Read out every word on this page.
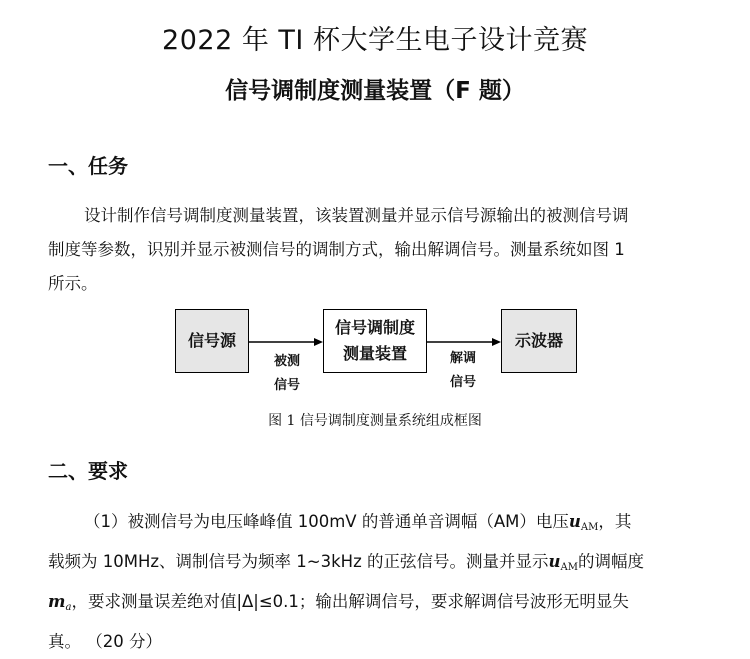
2022 年 TI 杯大学生电子设计竞赛
信号调制度测量装置（F 题）
一、任务
设计制作信号调制度测量装置，该装置测量并显示信号源输出的被测信号调
制度等参数，识别并显示被测信号的调制方式，输出解调信号。测量系统如图 1
所示。
信号源
信号调制度
测量装置
示波器
被测
信号
解调
信号
图 1 信号调制度测量系统组成框图
二、要求
（1）被测信号为电压峰峰值 100mV 的普通单音调幅（AM）电压$u_{AM}$，其
载频为 10MHz、调制信号为频率 1~3kHz 的正弦信号。测量并显示$u_{AM}$的调幅度
$m_a$，要求测量误差绝对值|Δ|≤0.1；输出解调信号，要求解调信号波形无明显失
真。 （20 分）
